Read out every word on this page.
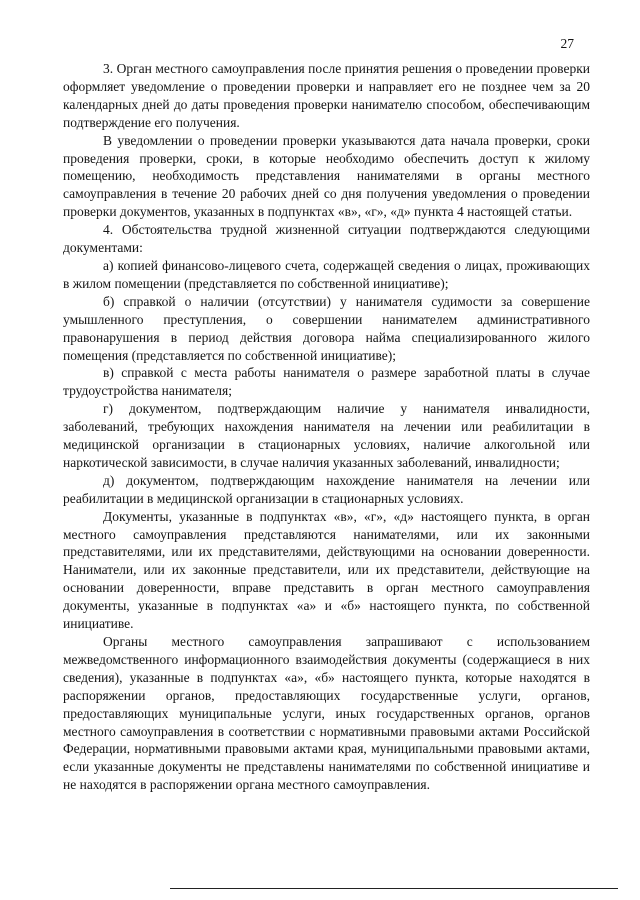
27

3. Орган местного самоуправления после принятия решения о проведении проверки оформляет уведомление о проведении проверки и направляет его не позднее чем за 20 календарных дней до даты проведения проверки нанимателю способом, обеспечивающим подтверждение его получения.

В уведомлении о проведении проверки указываются дата начала проверки, сроки проведения проверки, сроки, в которые необходимо обеспечить доступ к жилому помещению, необходимость представления нанимателями в органы местного самоуправления в течение 20 рабочих дней со дня получения уведомления о проведении проверки документов, указанных в подпунктах «в», «г», «д» пункта 4 настоящей статьи.

4. Обстоятельства трудной жизненной ситуации подтверждаются следующими документами:

а) копией финансово-лицевого счета, содержащей сведения о лицах, проживающих в жилом помещении (представляется по собственной инициативе);

б) справкой о наличии (отсутствии) у нанимателя судимости за совершение умышленного преступления, о совершении нанимателем административного правонарушения в период действия договора найма специализированного жилого помещения (представляется по собственной инициативе);

в) справкой с места работы нанимателя о размере заработной платы в случае трудоустройства нанимателя;

г) документом, подтверждающим наличие у нанимателя инвалидности, заболеваний, требующих нахождения нанимателя на лечении или реабилитации в медицинской организации в стационарных условиях, наличие алкогольной или наркотической зависимости, в случае наличия указанных заболеваний, инвалидности;

д) документом, подтверждающим нахождение нанимателя на лечении или реабилитации в медицинской организации в стационарных условиях.

Документы, указанные в подпунктах «в», «г», «д» настоящего пункта, в орган местного самоуправления представляются нанимателями, или их законными представителями, или их представителями, действующими на основании доверенности. Наниматели, или их законные представители, или их представители, действующие на основании доверенности, вправе представить в орган местного самоуправления документы, указанные в подпунктах «а» и «б» настоящего пункта, по собственной инициативе.

Органы местного самоуправления запрашивают с использованием межведомственного информационного взаимодействия документы (содержащиеся в них сведения), указанные в подпунктах «а», «б» настоящего пункта, которые находятся в распоряжении органов, предоставляющих государственные услуги, органов, предоставляющих муниципальные услуги, иных государственных органов, органов местного самоуправления в соответствии с нормативными правовыми актами Российской Федерации, нормативными правовыми актами края, муниципальными правовыми актами, если указанные документы не представлены нанимателями по собственной инициативе и не находятся в распоряжении органа местного самоуправления.
